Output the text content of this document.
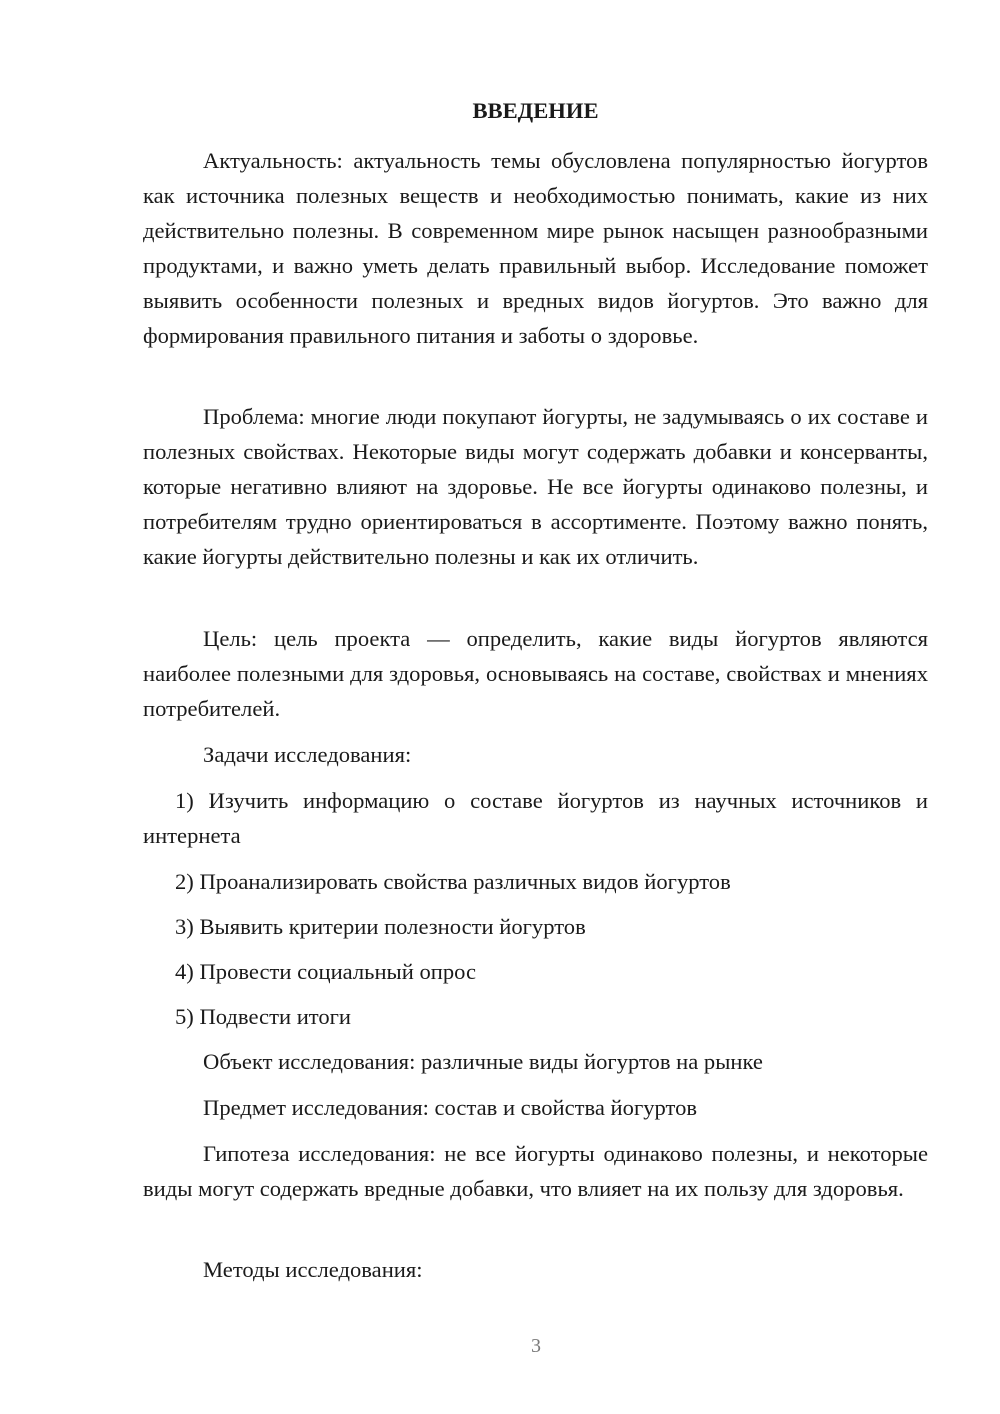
ВВЕДЕНИЕ

Актуальность: актуальность темы обусловлена популярностью йогуртов как источника полезных веществ и необходимостью понимать, какие из них действительно полезны. В современном мире рынок насыщен разнообразными продуктами, и важно уметь делать правильный выбор. Исследование поможет выявить особенности полезных и вредных видов йогуртов. Это важно для формирования правильного питания и заботы о здоровье.

Проблема: многие люди покупают йогурты, не задумываясь о их составе и полезных свойствах. Некоторые виды могут содержать добавки и консерванты, которые негативно влияют на здоровье. Не все йогурты одинаково полезны, и потребителям трудно ориентироваться в ассортименте. Поэтому важно понять, какие йогурты действительно полезны и как их отличить.

Цель: цель проекта — определить, какие виды йогуртов являются наиболее полезными для здоровья, основываясь на составе, свойствах и мнениях потребителей.

Задачи исследования:

1) Изучить информацию о составе йогуртов из научных источников и интернета

2) Проанализировать свойства различных видов йогуртов

3) Выявить критерии полезности йогуртов

4) Провести социальный опрос

5) Подвести итоги

Объект исследования: различные виды йогуртов на рынке

Предмет исследования: состав и свойства йогуртов

Гипотеза исследования: не все йогурты одинаково полезны, и некоторые виды могут содержать вредные добавки, что влияет на их пользу для здоровья.

Методы исследования:

3
